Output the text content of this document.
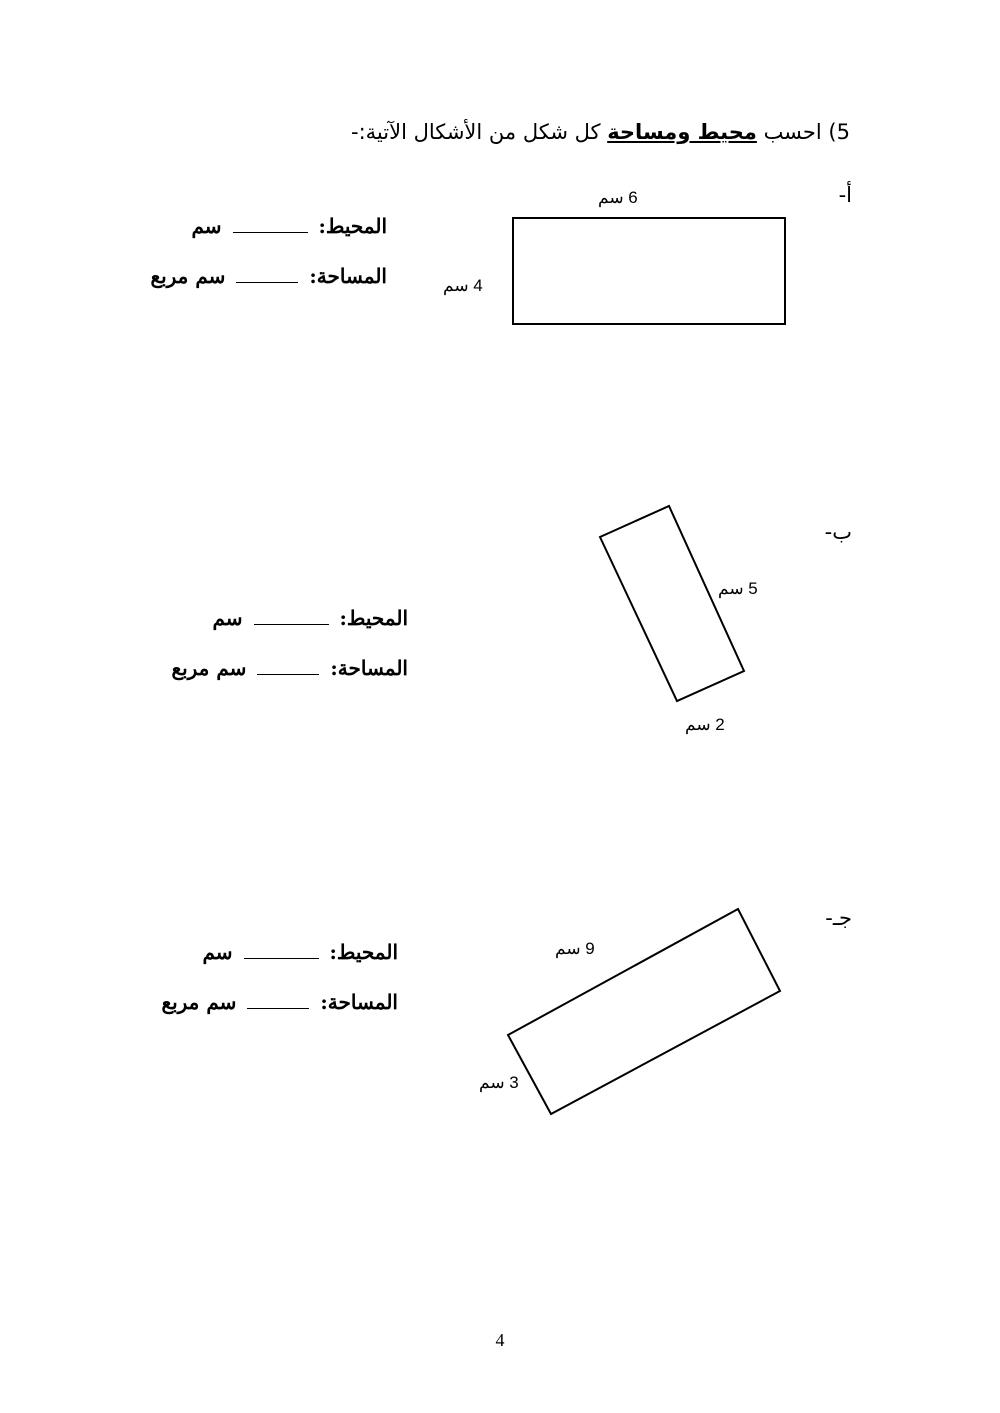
5) احسب محيط ومساحة كل شكل من الأشكال الآتية:-
أ-
6 سم
4 سم
المحيط:  سم
المساحة:  سم مربع
ب-
5 سم
2 سم
المحيط:  سم
المساحة:  سم مربع
جـ-
9 سم
3 سم
المحيط:  سم
المساحة:  سم مربع
4
